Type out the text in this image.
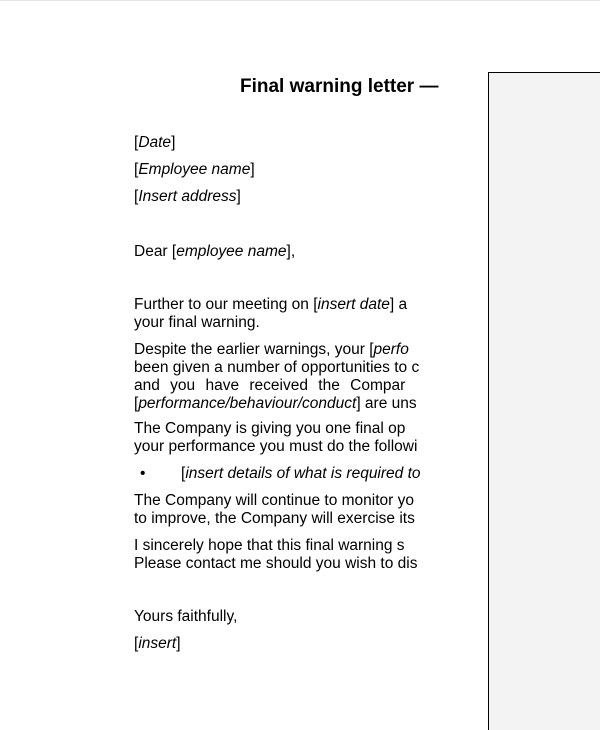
Final warning letter —
[Date]
[Employee name]
[Insert address]
Dear [employee name],
Further to our meeting on [insert date] a
your final warning.
Despite the earlier warnings, your [perfo
been given a number of opportunities to c
and you have received the Compar
[performance/behaviour/conduct] are uns
The Company is giving you one final op
your performance you must do the followi
• [insert details of what is required to
The Company will continue to monitor yo
to improve, the Company will exercise its
I sincerely hope that this final warning s
Please contact me should you wish to dis
Yours faithfully,
[insert]
